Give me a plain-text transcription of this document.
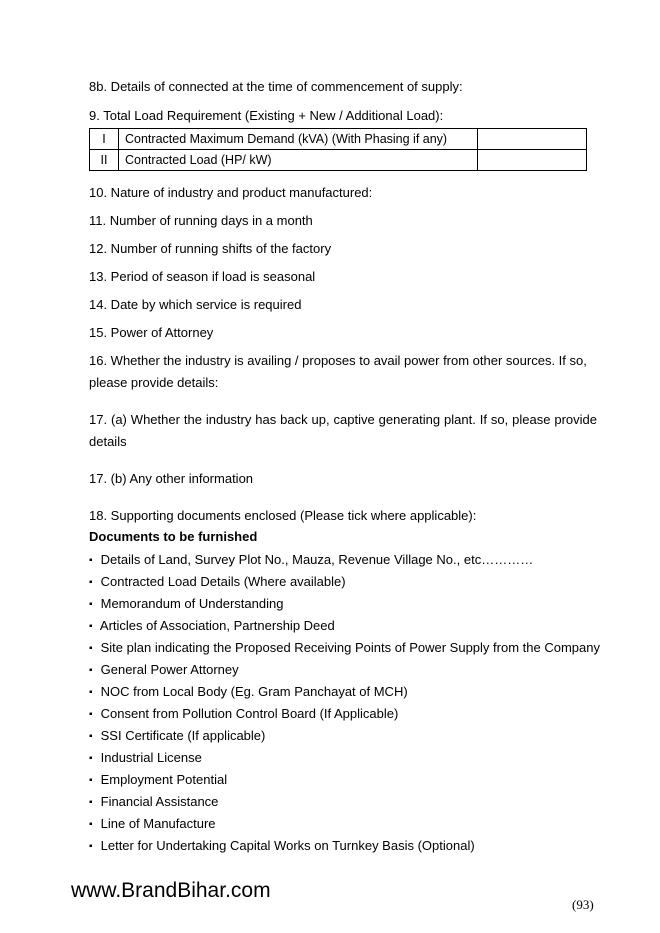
8b. Details of connected at the time of commencement of supply:
9. Total Load Requirement (Existing + New / Additional Load):
I	Contracted Maximum Demand (kVA) (With Phasing if any)	
II	Contracted Load (HP/ kW)	
10. Nature of industry and product manufactured:
11. Number of running days in a month
12. Number of running shifts of the factory
13. Period of season if load is seasonal
14. Date by which service is required
15. Power of Attorney
16. Whether the industry is availing / proposes to avail power from other sources. If so, please provide details:
17. (a) Whether the industry has back up, captive generating plant. If so, please provide details
17. (b) Any other information
18. Supporting documents enclosed (Please tick where applicable):
Documents to be furnished
▪ Details of Land, Survey Plot No., Mauza, Revenue Village No., etc…………
▪ Contracted Load Details (Where available)
▪ Memorandum of Understanding
▪ Articles of Association, Partnership Deed
▪ Site plan indicating the Proposed Receiving Points of Power Supply from the Company
▪ General Power Attorney
▪ NOC from Local Body (Eg. Gram Panchayat of MCH)
▪ Consent from Pollution Control Board (If Applicable)
▪ SSI Certificate (If applicable)
▪ Industrial License
▪ Employment Potential
▪ Financial Assistance
▪ Line of Manufacture
▪ Letter for Undertaking Capital Works on Turnkey Basis (Optional)
www.BrandBihar.com
(93)
